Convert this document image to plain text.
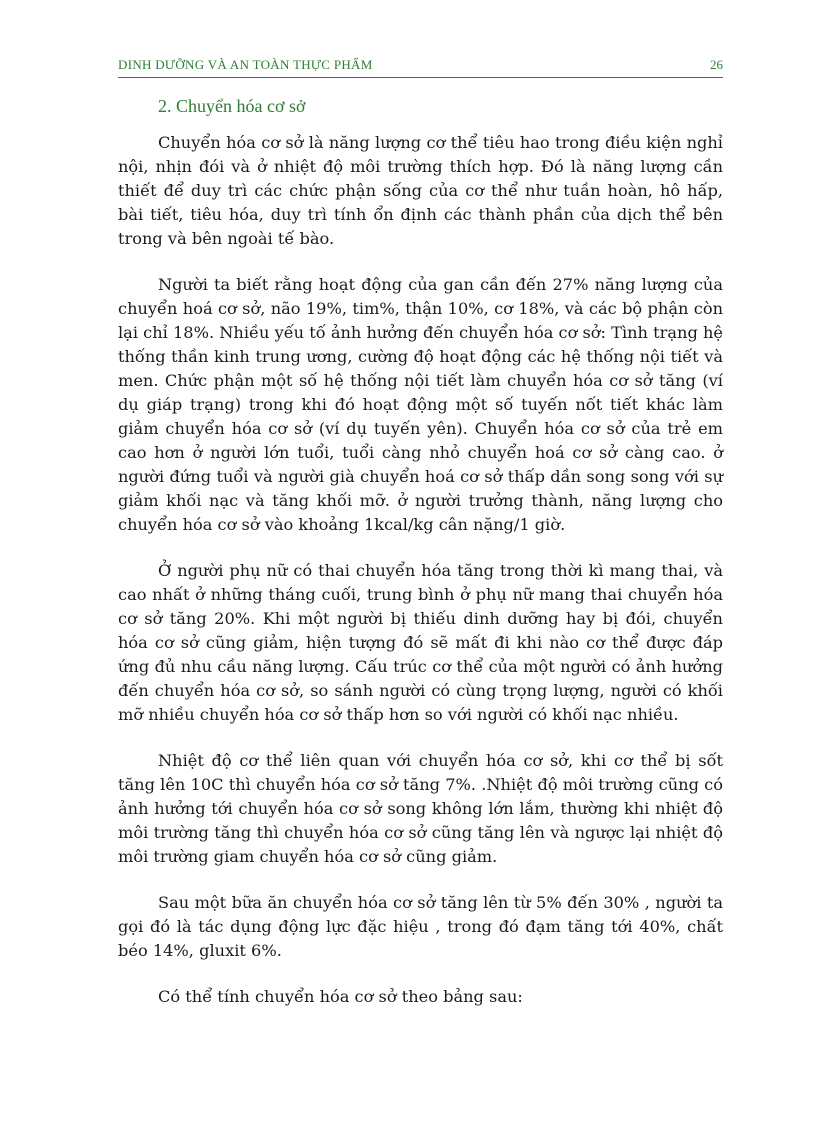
DINH DƯỠNG VÀ AN TOÀN THỰC PHẨM	26
2. Chuyển hóa cơ sở

Chuyển hóa cơ sở là năng lượng cơ thể tiêu hao trong điều kiện nghỉ nội, nhịn đói và ở nhiệt độ môi trường thích hợp. Đó là năng lượng cần thiết để duy trì các chức phận sống của cơ thể như tuần hoàn, hô hấp, bài tiết, tiêu hóa, duy trì tính ổn định các thành phần của dịch thể bên trong và bên ngoài tế bào.

Người ta biết rằng hoạt động của gan cần đến 27% năng lượng của chuyển hoá cơ sở, não 19%, tim%, thận 10%, cơ 18%, và các bộ phận còn lại chỉ 18%. Nhiều yếu tố ảnh hưởng đến chuyển hóa cơ sở: Tình trạng hệ thống thần kinh trung ương, cường độ hoạt động các hệ thống nội tiết và men. Chức phận một số hệ thống nội tiết làm chuyển hóa cơ sở tăng (ví dụ giáp trạng) trong khi đó hoạt động một số tuyến nốt tiết khác làm giảm chuyển hóa cơ sở (ví dụ tuyến yên). Chuyển hóa cơ sở của trẻ em cao hơn ở người lớn tuổi, tuổi càng nhỏ chuyển hoá cơ sở càng cao. ở người đứng tuổi và người già chuyển hoá cơ sở thấp dần song song với sự giảm khối nạc và tăng khối mỡ. ở người trưởng thành, năng lượng cho chuyển hóa cơ sở vào khoảng 1kcal/kg cân nặng/1 giờ.

Ở người phụ nữ có thai chuyển hóa tăng trong thời kì mang thai, và cao nhất ở những tháng cuối, trung bình ở phụ nữ mang thai chuyển hóa cơ sở tăng 20%. Khi một người bị thiếu dinh dưỡng hay bị đói, chuyển hóa cơ sở cũng giảm, hiện tượng đó sẽ mất đi khi nào cơ thể được đáp ứng đủ nhu cầu năng lượng. Cấu trúc cơ thể của một người có ảnh hưởng đến chuyển hóa cơ sở, so sánh người có cùng trọng lượng, người có khối mỡ nhiều chuyển hóa cơ sở thấp hơn so với người có khối nạc nhiều.

Nhiệt độ cơ thể liên quan với chuyển hóa cơ sở, khi cơ thể bị sốt tăng lên 10C thì chuyển hóa cơ sở tăng 7%. .Nhiệt độ môi trường cũng có ảnh hưởng tới chuyển hóa cơ sở song không lớn lắm, thường khi nhiệt độ môi trường tăng thì chuyển hóa cơ sở cũng tăng lên và ngược lại nhiệt độ môi trường giam chuyển hóa cơ sở cũng giảm.

Sau một bữa ăn chuyển hóa cơ sở tăng lên từ 5% đến 30% , người ta gọi đó là tác dụng động lực đặc hiệu , trong đó đạm tăng tới 40%, chất béo 14%, gluxit 6%.

Có thể tính chuyển hóa cơ sở theo bảng sau:
